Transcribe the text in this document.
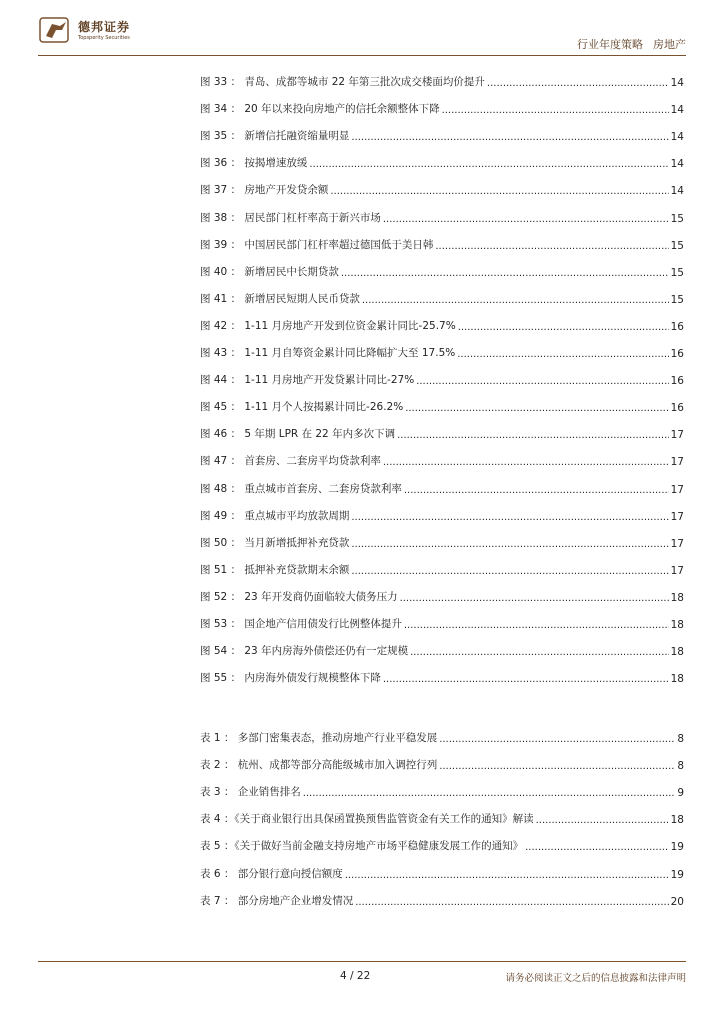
德邦证券
Topsperity Securities	行业年度策略 房地产
图 33 ： 青岛、成都等城市 22 年第三批次成交楼面均价提升 .....	14
图 34 ： 20 年以来投向房地产的信托余额整体下降 .....	14
图 35 ： 新增信托融资缩量明显 .....	14
图 36 ： 按揭增速放缓 .....	14
图 37 ： 房地产开发贷余额 .....	14
图 38 ： 居民部门杠杆率高于新兴市场 .....	15
图 39 ： 中国居民部门杠杆率超过德国低于美日韩 .....	15
图 40 ： 新增居民中长期贷款 .....	15
图 41 ： 新增居民短期人民币贷款 .....	15
图 42 ： 1-11 月房地产开发到位资金累计同比-25.7% .....	16
图 43 ： 1-11 月自筹资金累计同比降幅扩大至 17.5% .....	16
图 44 ： 1-11 月房地产开发贷累计同比-27% .....	16
图 45 ： 1-11 月个人按揭累计同比-26.2% .....	16
图 46 ： 5 年期 LPR 在 22 年内多次下调 .....	17
图 47 ： 首套房、二套房平均贷款利率 .....	17
图 48 ： 重点城市首套房、二套房贷款利率 .....	17
图 49 ： 重点城市平均放款周期 .....	17
图 50 ： 当月新增抵押补充贷款 .....	17
图 51 ： 抵押补充贷款期末余额 .....	17
图 52 ： 23 年开发商仍面临较大债务压力 .....	18
图 53 ： 国企地产信用债发行比例整体提升 .....	18
图 54 ： 23 年内房海外债偿还仍有一定规模 .....	18
图 55 ： 内房海外债发行规模整体下降 .....	18
表 1 ： 多部门密集表态，推动房地产行业平稳发展 .....	8
表 2 ： 杭州、成都等部分高能级城市加入调控行列 .....	8
表 3 ： 企业销售排名 .....	9
表 4 ：《关于商业银行出具保函置换预售监管资金有关工作的通知》解读 .....	18
表 5 ：《关于做好当前金融支持房地产市场平稳健康发展工作的通知》 .....	19
表 6 ： 部分银行意向授信额度 .....	19
表 7 ： 部分房地产企业增发情况 .....	20
4 / 22	请务必阅读正文之后的信息披露和法律声明
